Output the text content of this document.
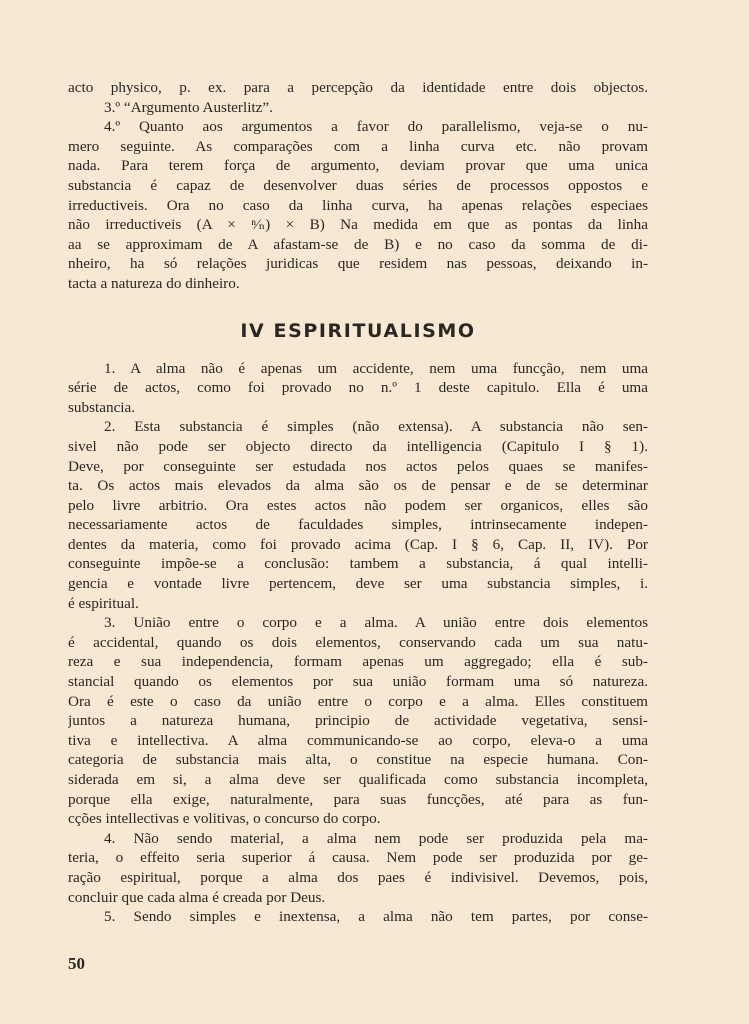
acto physico, p. ex. para a percepção da identidade entre dois objectos.
3.º “Argumento Austerlitz”.
4.º Quanto aos argumentos a favor do parallelismo, veja-se o nu-
mero seguinte. As comparações com a linha curva etc. não provam
nada. Para terem força de argumento, deviam provar que uma unica
substancia é capaz de desenvolver duas séries de processos oppostos e
irreductiveis. Ora no caso da linha curva, ha apenas relações especiaes
não irreductiveis (A × ⁿ⁄ₙ) × B) Na medida em que as pontas da linha
aa se approximam de A afastam-se de B) e no caso da somma de di-
nheiro, ha só relações juridicas que residem nas pessoas, deixando in-
tacta a natureza do dinheiro.
IV ESPIRITUALISMO
1. A alma não é apenas um accidente, nem uma funcção, nem uma
série de actos, como foi provado no n.º 1 deste capitulo. Ella é uma
substancia.
2. Esta substancia é simples (não extensa). A substancia não sen-
sivel não pode ser objecto directo da intelligencia (Capitulo I § 1).
Deve, por conseguinte ser estudada nos actos pelos quaes se manifes-
ta. Os actos mais elevados da alma são os de pensar e de se determinar
pelo livre arbitrio. Ora estes actos não podem ser organicos, elles são
necessariamente actos de faculdades simples, intrinsecamente indepen-
dentes da materia, como foi provado acima (Cap. I § 6, Cap. II, IV). Por
conseguinte impõe-se a conclusão: tambem a substancia, á qual intelli-
gencia e vontade livre pertencem, deve ser uma substancia simples, i.
é espiritual.
3. União entre o corpo e a alma. A união entre dois elementos
é accidental, quando os dois elementos, conservando cada um sua natu-
reza e sua independencia, formam apenas um aggregado; ella é sub-
stancial quando os elementos por sua união formam uma só natureza.
Ora é este o caso da união entre o corpo e a alma. Elles constituem
juntos a natureza humana, principio de actividade vegetativa, sensi-
tiva e intellectiva. A alma communicando-se ao corpo, eleva-o a uma
categoria de substancia mais alta, o constitue na especie humana. Con-
siderada em si, a alma deve ser qualificada como substancia incompleta,
porque ella exige, naturalmente, para suas funcções, até para as fun-
cções intellectivas e volitivas, o concurso do corpo.
4. Não sendo material, a alma nem pode ser produzida pela ma-
teria, o effeito seria superior á causa. Nem pode ser produzida por ge-
ração espiritual, porque a alma dos paes é indivisivel. Devemos, pois,
concluir que cada alma é creada por Deus.
5. Sendo simples e inextensa, a alma não tem partes, por conse-
50
